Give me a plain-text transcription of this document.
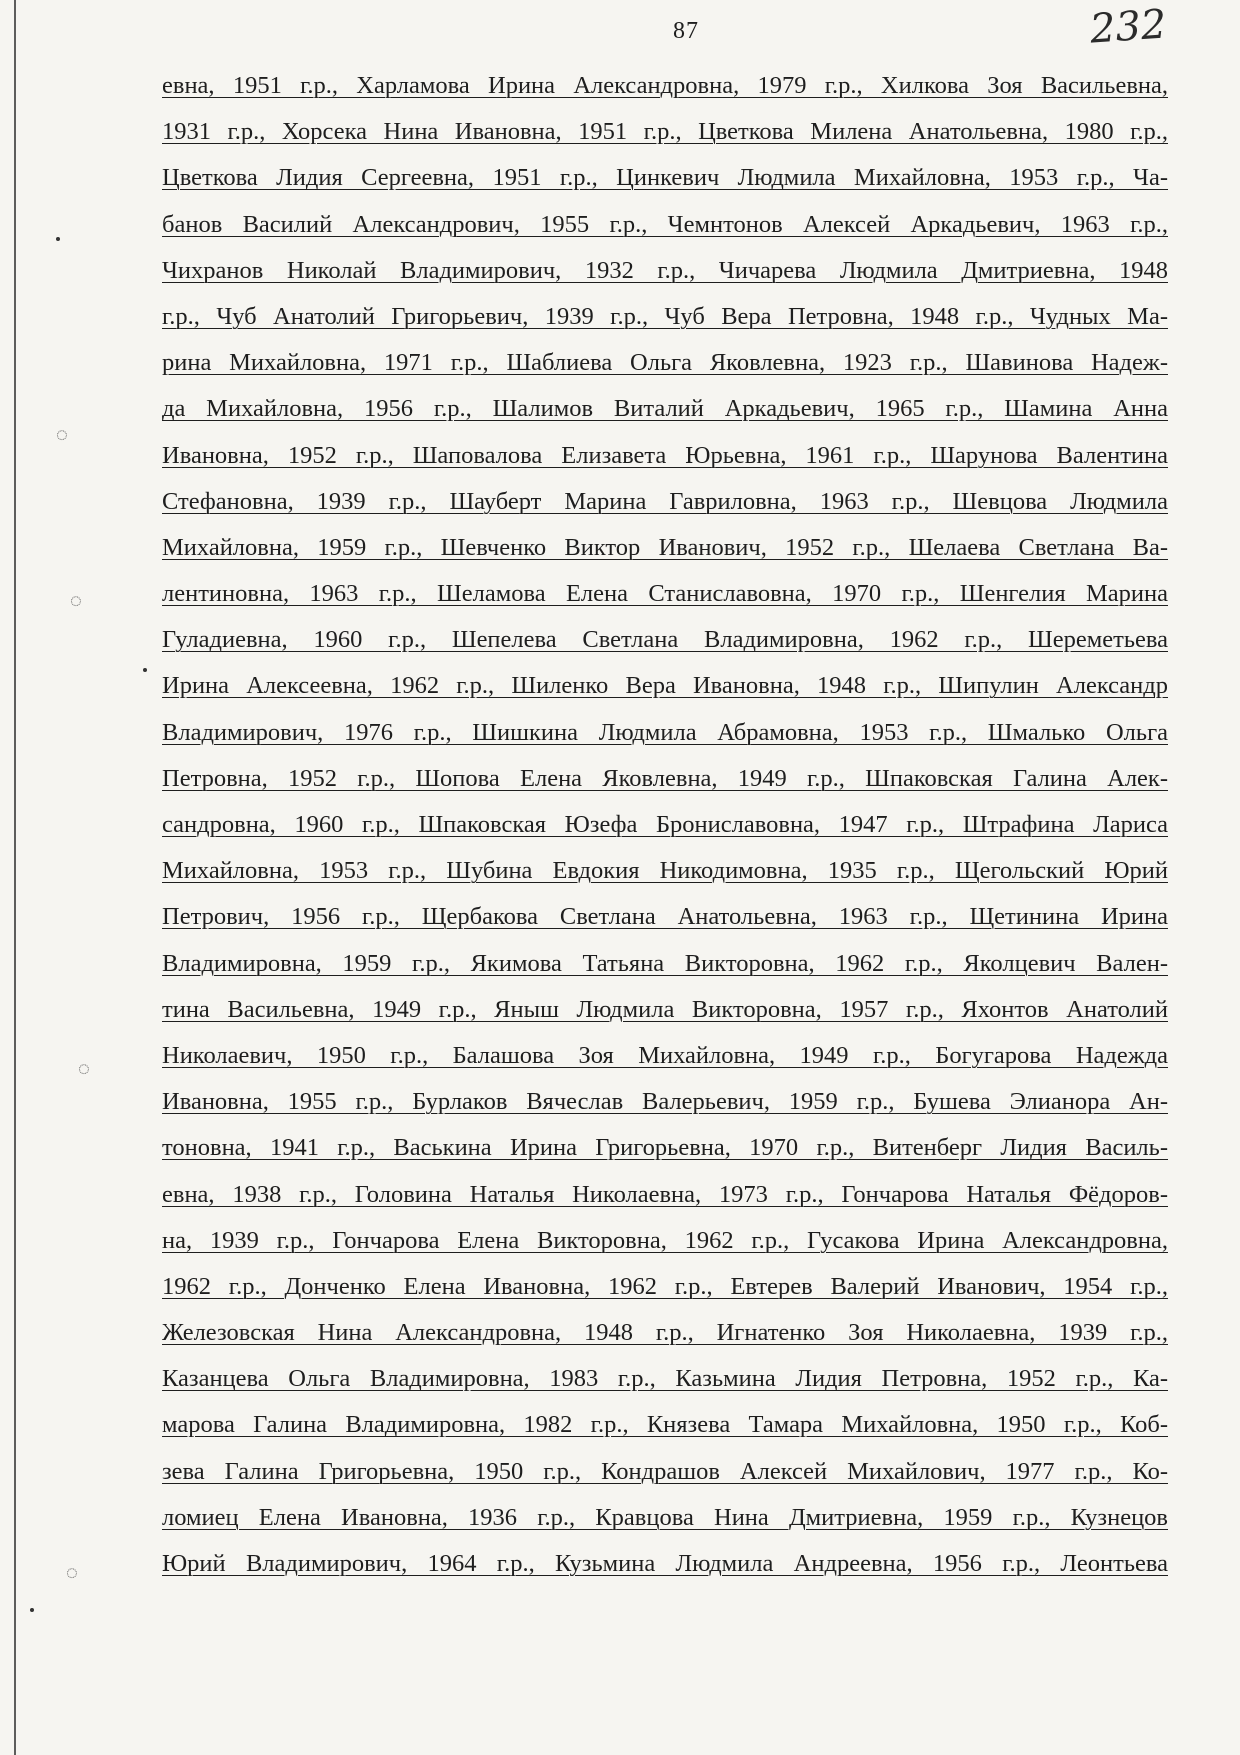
87	232
◌
◌
◌
◌
евна, 1951 г.р., Харламова Ирина Александровна, 1979 г.р., Хилкова Зоя Васильевна,
1931 г.р., Хорсека Нина Ивановна, 1951 г.р., Цветкова Милена Анатольевна, 1980 г.р.,
Цветкова Лидия Сергеевна, 1951 г.р., Цинкевич Людмила Михайловна, 1953 г.р., Ча-
банов Василий Александрович, 1955 г.р., Чемнтонов Алексей Аркадьевич, 1963 г.р.,
Чихранов Николай Владимирович, 1932 г.р., Чичарева Людмила Дмитриевна, 1948
г.р., Чуб Анатолий Григорьевич, 1939 г.р., Чуб Вера Петровна, 1948 г.р., Чудных Ма-
рина Михайловна, 1971 г.р., Шаблиева Ольга Яковлевна, 1923 г.р., Шавинова Надеж-
да Михайловна, 1956 г.р., Шалимов Виталий Аркадьевич, 1965 г.р., Шамина Анна
Ивановна, 1952 г.р., Шаповалова Елизавета Юрьевна, 1961 г.р., Шарунова Валентина
Стефановна, 1939 г.р., Шауберт Марина Гавриловна, 1963 г.р., Шевцова Людмила
Михайловна, 1959 г.р., Шевченко Виктор Иванович, 1952 г.р., Шелаева Светлана Ва-
лентиновна, 1963 г.р., Шеламова Елена Станиславовна, 1970 г.р., Шенгелия Марина
Гуладиевна, 1960 г.р., Шепелева Светлана Владимировна, 1962 г.р., Шереметьева
Ирина Алексеевна, 1962 г.р., Шиленко Вера Ивановна, 1948 г.р., Шипулин Александр
Владимирович, 1976 г.р., Шишкина Людмила Абрамовна, 1953 г.р., Шмалько Ольга
Петровна, 1952 г.р., Шопова Елена Яковлевна, 1949 г.р., Шпаковская Галина Алек-
сандровна, 1960 г.р., Шпаковская Юзефа Брониславовна, 1947 г.р., Штрафина Лариса
Михайловна, 1953 г.р., Шубина Евдокия Никодимовна, 1935 г.р., Щегольский Юрий
Петрович, 1956 г.р., Щербакова Светлана Анатольевна, 1963 г.р., Щетинина Ирина
Владимировна, 1959 г.р., Якимова Татьяна Викторовна, 1962 г.р., Яколцевич Вален-
тина Васильевна, 1949 г.р., Яныш Людмила Викторовна, 1957 г.р., Яхонтов Анатолий
Николаевич, 1950 г.р., Балашова Зоя Михайловна, 1949 г.р., Богугарова Надежда
Ивановна, 1955 г.р., Бурлаков Вячеслав Валерьевич, 1959 г.р., Бушева Элианора Ан-
тоновна, 1941 г.р., Васькина Ирина Григорьевна, 1970 г.р., Витенберг Лидия Василь-
евна, 1938 г.р., Головина Наталья Николаевна, 1973 г.р., Гончарова Наталья Фёдоров-
на, 1939 г.р., Гончарова Елена Викторовна, 1962 г.р., Гусакова Ирина Александровна,
1962 г.р., Донченко Елена Ивановна, 1962 г.р., Евтерев Валерий Иванович, 1954 г.р.,
Железовская Нина Александровна, 1948 г.р., Игнатенко Зоя Николаевна, 1939 г.р.,
Казанцева Ольга Владимировна, 1983 г.р., Казьмина Лидия Петровна, 1952 г.р., Ка-
марова Галина Владимировна, 1982 г.р., Князева Тамара Михайловна, 1950 г.р., Коб-
зева Галина Григорьевна, 1950 г.р., Кондрашов Алексей Михайлович, 1977 г.р., Ко-
ломиец Елена Ивановна, 1936 г.р., Кравцова Нина Дмитриевна, 1959 г.р., Кузнецов
Юрий Владимирович, 1964 г.р., Кузьмина Людмила Андреевна, 1956 г.р., Леонтьева
